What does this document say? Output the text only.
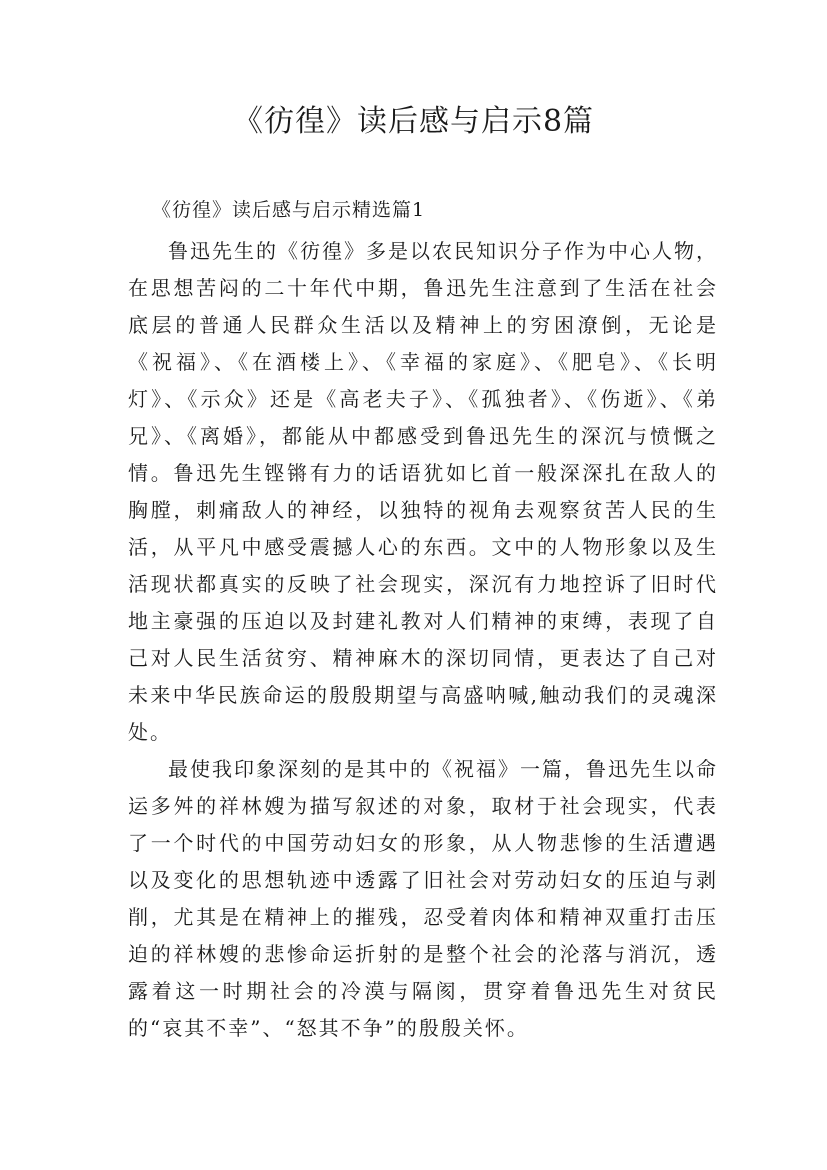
《彷徨》读后感与启示8篇

《彷徨》读后感与启示精选篇1

鲁迅先生的《彷徨》多是以农民知识分子作为中心人物，在思想苦闷的二十年代中期，鲁迅先生注意到了生活在社会底层的普通人民群众生活以及精神上的穷困潦倒，无论是《祝福》、《在酒楼上》、《幸福的家庭》、《肥皂》、《长明灯》、《示众》还是《高老夫子》、《孤独者》、《伤逝》、《弟兄》、《离婚》，都能从中都感受到鲁迅先生的深沉与愤慨之情。鲁迅先生铿锵有力的话语犹如匕首一般深深扎在敌人的胸膛，刺痛敌人的神经，以独特的视角去观察贫苦人民的生活，从平凡中感受震撼人心的东西。文中的人物形象以及生活现状都真实的反映了社会现实，深沉有力地控诉了旧时代地主豪强的压迫以及封建礼教对人们精神的束缚，表现了自己对人民生活贫穷、精神麻木的深切同情，更表达了自己对未来中华民族命运的殷殷期望与高盛呐喊,触动我们的灵魂深处。

最使我印象深刻的是其中的《祝福》一篇，鲁迅先生以命运多舛的祥林嫂为描写叙述的对象，取材于社会现实，代表了一个时代的中国劳动妇女的形象，从人物悲惨的生活遭遇以及变化的思想轨迹中透露了旧社会对劳动妇女的压迫与剥削，尤其是在精神上的摧残，忍受着肉体和精神双重打击压迫的祥林嫂的悲惨命运折射的是整个社会的沦落与消沉，透露着这一时期社会的冷漠与隔阂，贯穿着鲁迅先生对贫民的“哀其不幸”、“怒其不争”的殷殷关怀。
